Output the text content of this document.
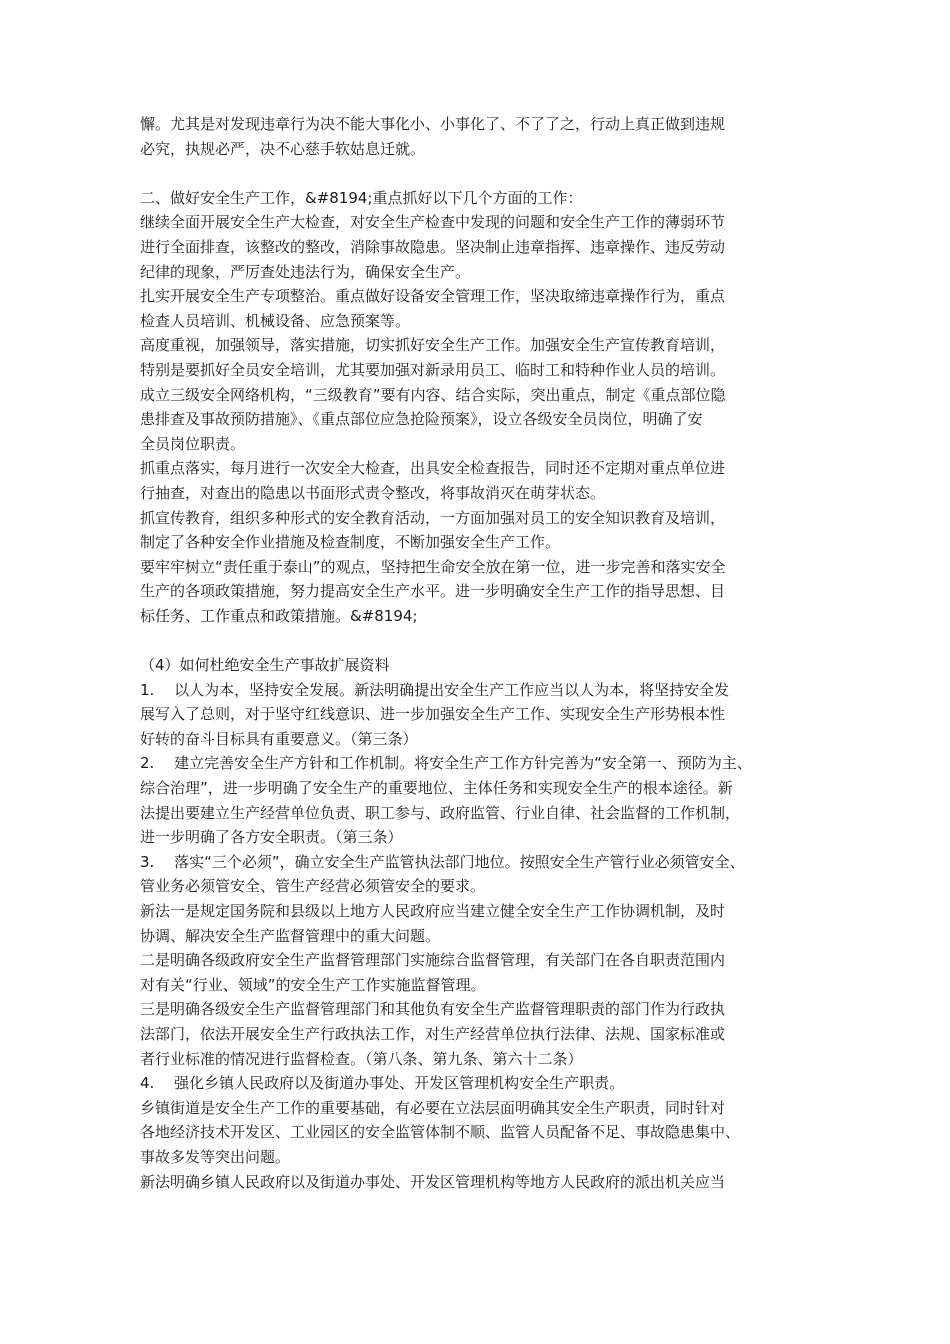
懈。尤其是对发现违章行为决不能大事化小、小事化了、不了了之，行动上真正做到违规
必究，执规必严，决不心慈手软姑息迁就。

二、做好安全生产工作，&#8194;重点抓好以下几个方面的工作：

继续全面开展安全生产大检查，对安全生产检查中发现的问题和安全生产工作的薄弱环节
进行全面排查，该整改的整改，消除事故隐患。坚决制止违章指挥、违章操作、违反劳动
纪律的现象，严厉查处违法行为，确保安全生产。

扎实开展安全生产专项整治。重点做好设备安全管理工作，坚决取缔违章操作行为，重点
检查人员培训、机械设备、应急预案等。

高度重视，加强领导，落实措施，切实抓好安全生产工作。加强安全生产宣传教育培训，
特别是要抓好全员安全培训，尤其要加强对新录用员工、临时工和特种作业人员的培训。

成立三级安全网络机构，“三级教育”要有内容、结合实际，突出重点，制定《重点部位隐
患排查及事故预防措施》、《重点部位应急抢险预案》，设立各级安全员岗位，明确了安
全员岗位职责。

抓重点落实，每月进行一次安全大检查，出具安全检查报告，同时还不定期对重点单位进
行抽查，对查出的隐患以书面形式责令整改，将事故消灭在萌芽状态。

抓宣传教育，组织多种形式的安全教育活动，一方面加强对员工的安全知识教育及培训，
制定了各种安全作业措施及检查制度，不断加强安全生产工作。

要牢牢树立“责任重于泰山”的观点，坚持把生命安全放在第一位，进一步完善和落实安全
生产的各项政策措施，努力提高安全生产水平。进一步明确安全生产工作的指导思想、目
标任务、工作重点和政策措施。&#8194;

（4）如何杜绝安全生产事故扩展资料

1.　 以人为本，坚持安全发展。新法明确提出安全生产工作应当以人为本，将坚持安全发
展写入了总则，对于坚守红线意识、进一步加强安全生产工作、实现安全生产形势根本性
好转的奋斗目标具有重要意义。（第三条）

2.　 建立完善安全生产方针和工作机制。将安全生产工作方针完善为“安全第一、预防为主、
综合治理”，进一步明确了安全生产的重要地位、主体任务和实现安全生产的根本途径。新
法提出要建立生产经营单位负责、职工参与、政府监管、行业自律、社会监督的工作机制，
进一步明确了各方安全职责。（第三条）

3.　 落实“三个必须”，确立安全生产监管执法部门地位。按照安全生产管行业必须管安全、
管业务必须管安全、管生产经营必须管安全的要求。

新法一是规定国务院和县级以上地方人民政府应当建立健全安全生产工作协调机制，及时
协调、解决安全生产监督管理中的重大问题。

二是明确各级政府安全生产监督管理部门实施综合监督管理，有关部门在各自职责范围内
对有关“行业、领域”的安全生产工作实施监督管理。

三是明确各级安全生产监督管理部门和其他负有安全生产监督管理职责的部门作为行政执
法部门，依法开展安全生产行政执法工作，对生产经营单位执行法律、法规、国家标准或
者行业标准的情况进行监督检查。（第八条、第九条、第六十二条）

4.　 强化乡镇人民政府以及街道办事处、开发区管理机构安全生产职责。

乡镇街道是安全生产工作的重要基础，有必要在立法层面明确其安全生产职责，同时针对
各地经济技术开发区、工业园区的安全监管体制不顺、监管人员配备不足、事故隐患集中、
事故多发等突出问题。

新法明确乡镇人民政府以及街道办事处、开发区管理机构等地方人民政府的派出机关应当
